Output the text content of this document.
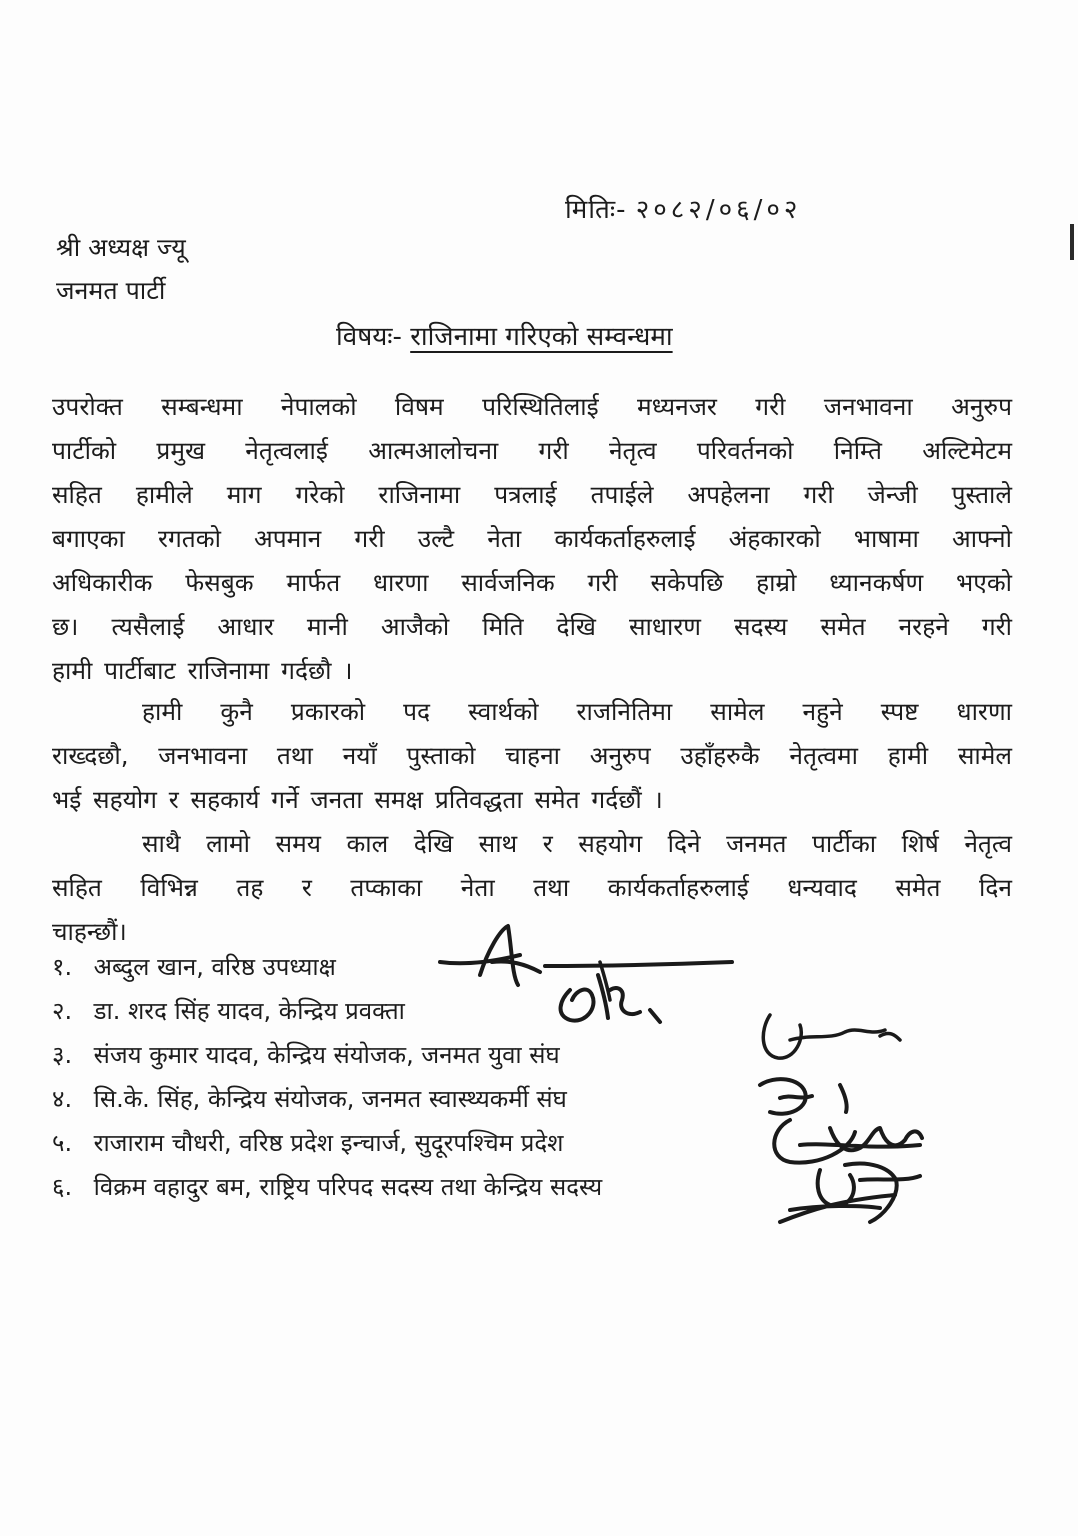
मितिः- २०८२/०६/०२
श्री अध्यक्ष ज्यू
जनमत पार्टी
विषयः- राजिनामा गरिएको सम्वन्धमा
उपरोक्त सम्बन्धमा नेपालको विषम परिस्थितिलाई मध्यनजर गरी जनभावना अनुरुप
पार्टीको प्रमुख नेतृत्वलाई आत्मआलोचना गरी नेतृत्व परिवर्तनको निम्ति अल्टिमेटम
सहित हामीले माग गरेको राजिनामा पत्रलाई तपाईले अपहेलना गरी जेन्जी पुस्ताले
बगाएका रगतको अपमान गरी उल्टै नेता कार्यकर्ताहरुलाई अंहकारको भाषामा आफ्नो
अधिकारीक फेसबुक मार्फत धारणा सार्वजनिक गरी सकेपछि हाम्रो ध्यानकर्षण भएको
छ। त्यसैलाई आधार मानी आजैको मिति देखि साधारण सदस्य समेत नरहने गरी
हामी पार्टीबाट राजिनामा गर्दछौ ।
हामी कुनै प्रकारको पद स्वार्थको राजनितिमा सामेल नहुने स्पष्ट धारणा
राख्दछौ, जनभावना तथा नयाँ पुस्ताको चाहना अनुरुप उहाँहरुकै नेतृत्वमा हामी सामेल
भई सहयोग र सहकार्य गर्ने जनता समक्ष प्रतिवद्धता समेत गर्दछौं ।
साथै लामो समय काल देखि साथ र सहयोग दिने जनमत पार्टीका शिर्ष नेतृत्व
सहित विभिन्न तह र तप्काका नेता तथा कार्यकर्ताहरुलाई धन्यवाद समेत दिन
चाहन्छौं।
१. अब्दुल खान, वरिष्ठ उपध्याक्ष
२. डा. शरद सिंह यादव, केन्द्रिय प्रवक्ता
३. संजय कुमार यादव, केन्द्रिय संयोजक, जनमत युवा संघ
४. सि.के. सिंह, केन्द्रिय संयोजक, जनमत स्वास्थ्यकर्मी संघ
५. राजाराम चौधरी, वरिष्ठ प्रदेश इन्चार्ज, सुदूरपश्चिम प्रदेश
६. विक्रम वहादुर बम, राष्ट्रिय परिपद सदस्य तथा केन्द्रिय सदस्य
